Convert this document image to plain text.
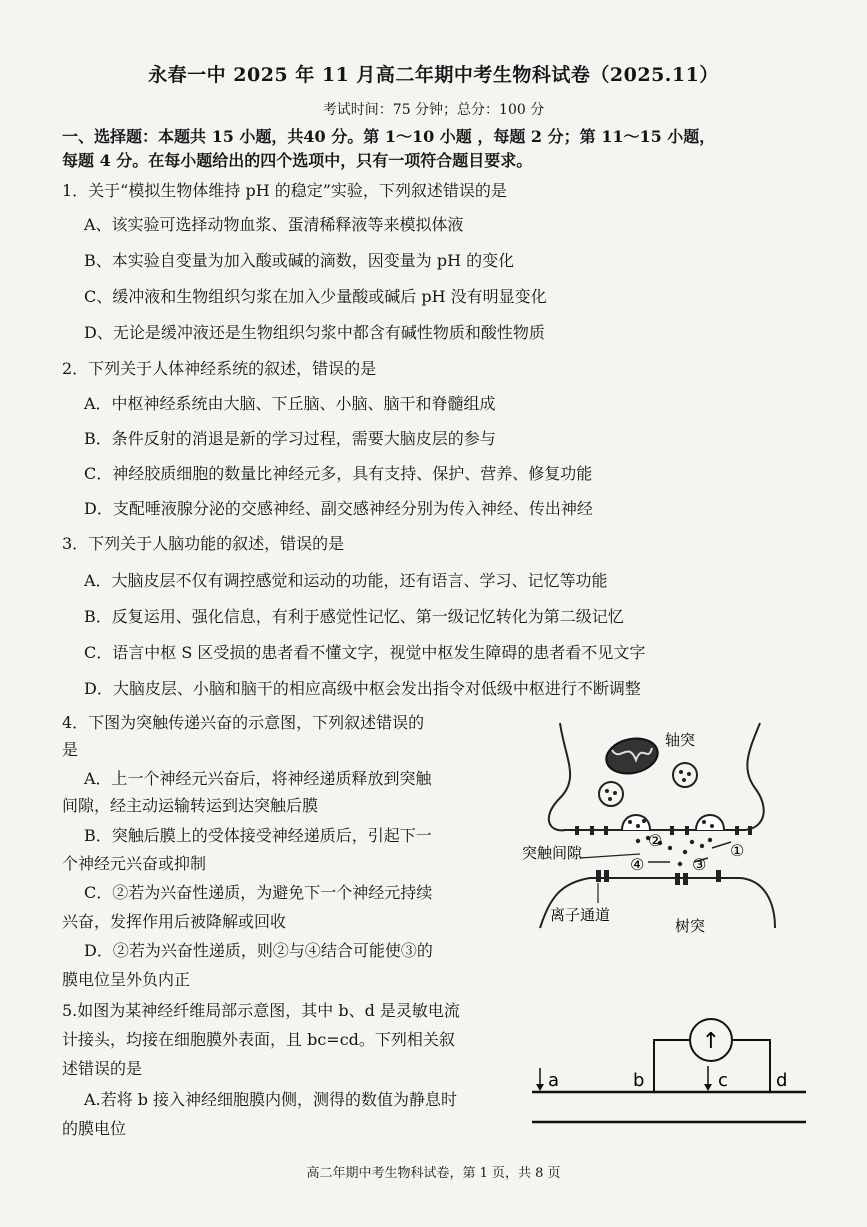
永春一中 2025 年 11 月高二年期中考生物科试卷（2025.11）
考试时间：75 分钟；总分：100 分
一、选择题：本题共 15 小题，共40 分。第 1～10 小题 ，每题 2 分；第 11～15 小题，
每题 4 分。在每小题给出的四个选项中，只有一项符合题目要求。
1．关于“模拟生物体维持 pH 的稳定”实验，下列叙述错误的是
A、该实验可选择动物血浆、蛋清稀释液等来模拟体液
B、本实验自变量为加入酸或碱的滴数，因变量为 pH 的变化
C、缓冲液和生物组织匀浆在加入少量酸或碱后 pH 没有明显变化
D、无论是缓冲液还是生物组织匀浆中都含有碱性物质和酸性物质
2．下列关于人体神经系统的叙述，错误的是
A．中枢神经系统由大脑、下丘脑、小脑、脑干和脊髓组成
B．条件反射的消退是新的学习过程，需要大脑皮层的参与
C．神经胶质细胞的数量比神经元多，具有支持、保护、营养、修复功能
D．支配唾液腺分泌的交感神经、副交感神经分别为传入神经、传出神经
3．下列关于人脑功能的叙述，错误的是
A．大脑皮层不仅有调控感觉和运动的功能，还有语言、学习、记忆等功能
B．反复运用、强化信息，有利于感觉性记忆、第一级记忆转化为第二级记忆
C．语言中枢 S 区受损的患者看不懂文字，视觉中枢发生障碍的患者看不见文字
D．大脑皮层、小脑和脑干的相应高级中枢会发出指令对低级中枢进行不断调整
4．下图为突触传递兴奋的示意图，下列叙述错误的
是
A．上一个神经元兴奋后，将神经递质释放到突触
间隙，经主动运输转运到达突触后膜
B．突触后膜上的受体接受神经递质后，引起下一
个神经元兴奋或抑制
C．②若为兴奋性递质，为避免下一个神经元持续
兴奋，发挥作用后被降解或回收
D．②若为兴奋性递质，则②与④结合可能使③的
膜电位呈外负内正
轴突
突触间隙
离子通道
树突
①
②
③
④
5.如图为某神经纤维局部示意图，其中 b、d 是灵敏电流
计接头，均接在细胞膜外表面，且 bc=cd。下列相关叙
述错误的是
A.若将 b 接入神经细胞膜内侧，测得的数值为静息时
的膜电位
↑
a	b	c	d
高二年期中考生物科试卷，第 1 页，共 8 页
